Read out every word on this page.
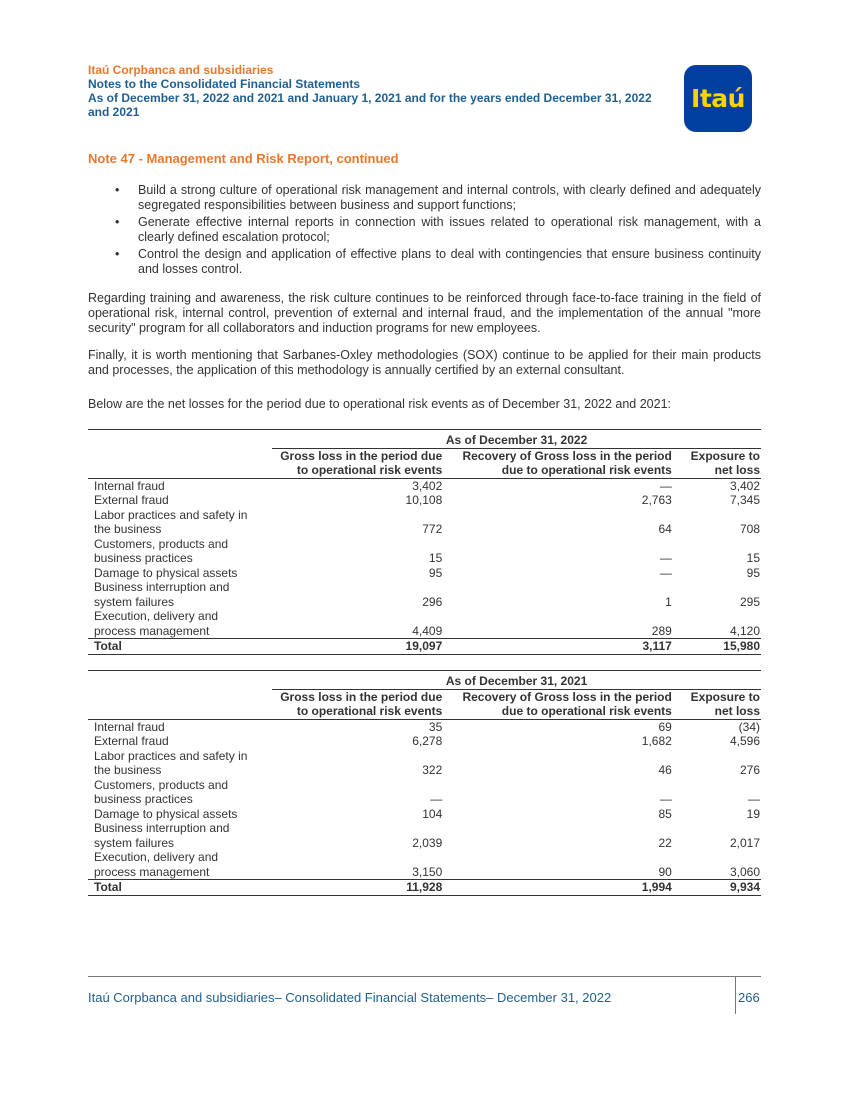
Itaú Corpbanca and subsidiaries
Notes to the Consolidated Financial Statements
As of December 31, 2022 and 2021 and January 1, 2021 and for the years ended December 31, 2022
and 2021	Itaú
Note 47 - Management and Risk Report, continued
• Build a strong culture of operational risk management and internal controls, with clearly defined and adequately segregated responsibilities between business and support functions;
• Generate effective internal reports in connection with issues related to operational risk management, with a clearly defined escalation protocol;
• Control the design and application of effective plans to deal with contingencies that ensure business continuity and losses control.
Regarding training and awareness, the risk culture continues to be reinforced through face-to-face training in the field of operational risk, internal control, prevention of external and internal fraud, and the implementation of the annual "more security" program for all collaborators and induction programs for new employees.
Finally, it is worth mentioning that Sarbanes-Oxley methodologies (SOX) continue to be applied for their main products and processes, the application of this methodology is annually certified by an external consultant.
Below are the net losses for the period due to operational risk events as of December 31, 2022 and 2021:

	As of December 31, 2022		
	Gross loss in the period due	Recovery of Gross loss in the period	Exposure to
	to operational risk events	due to operational risk events	net loss
Internal fraud	3,402	—	3,402
External fraud	10,108	2,763	7,345
Labor practices and safety in			
the business	772	64	708
Customers, products and			
business practices	15	—	15
Damage to physical assets	95	—	95
Business interruption and			
system failures	296	1	295
Execution, delivery and			
process management	4,409	289	4,120
Total	19,097	3,117	15,980

	As of December 31, 2021		
	Gross loss in the period due	Recovery of Gross loss in the period	Exposure to
	to operational risk events	due to operational risk events	net loss
Internal fraud	35	69	(34)
External fraud	6,278	1,682	4,596
Labor practices and safety in			
the business	322	46	276
Customers, products and			
business practices	—	—	—
Damage to physical assets	104	85	19
Business interruption and			
system failures	2,039	22	2,017
Execution, delivery and			
process management	3,150	90	3,060
Total	11,928	1,994	9,934
Itaú Corpbanca and subsidiaries– Consolidated Financial Statements– December 31, 2022	266
